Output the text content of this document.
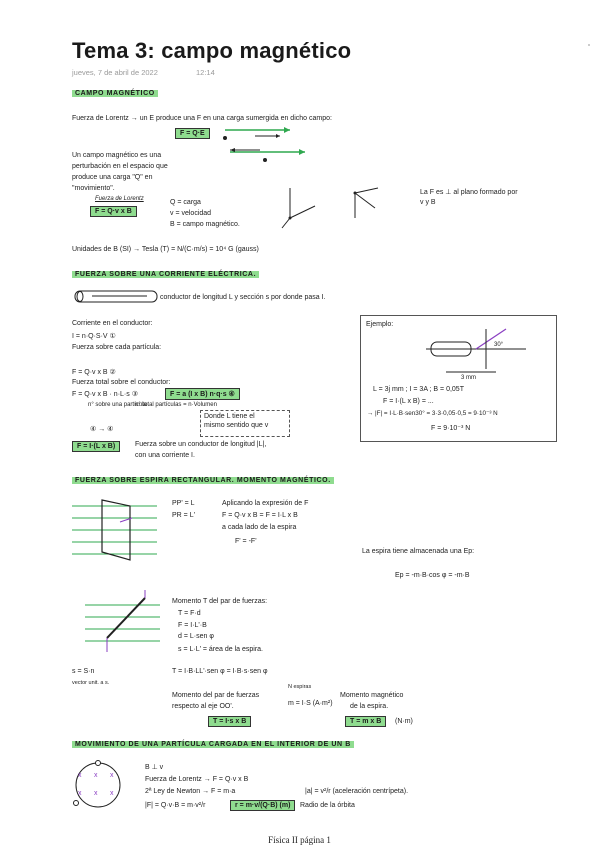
Tema 3: campo magnético
jueves, 7 de abril de 2022	12:14
CAMPO MAGNÉTICO
Fuerza de Lorentz → un E produce una F en una carga sumergida en dicho campo:
F = Q·E
Un campo magnético es una
perturbación en el espacio que
produce una carga "Q" en
"movimiento".
Fuerza de Lorentz
F = Q·v x B
Q = carga
v = velocidad
B = campo magnético.
La F es ⊥ al plano formado por
v y B
Unidades de B (SI) → Tesla (T) = N/(C·m/s) = 10⁴ G (gauss)
FUERZA SOBRE UNA CORRIENTE ELÉCTRICA.
conductor de longitud L y sección s por donde pasa I.
Corriente en el conductor:
I = n·Q·S·V ①
Fuerza sobre cada partícula:
F = Q·v x B ②
Fuerza total sobre el conductor:
F = Q·v x B · n·L·s ③	F = a (I x B) n·q·s ④
n° sobre una partícula
n° total partículas = n·Volumen
Donde L tiene el
mismo sentido que v
④ → ④
F = I·(L x B)	Fuerza sobre un conductor de longitud |L|,
con una corriente I.
Ejemplo:
30°
3 mm
L = 3j mm ; I = 3A ; B = 0,05T
F = I·(L x B) = ...
→ |F| = I·L·B·sen30° = 3·3·0,05·0,5 = 9·10⁻³ N
F = 9·10⁻³ N
FUERZA SOBRE ESPIRA RECTANGULAR. MOMENTO MAGNÉTICO.
PP' = L
PR = L'
Aplicando la expresión de F
F = Q·v x B = F = I·L x B
a cada lado de la espira
F' = -F'
La espira tiene almacenada una Ep:
Ep = -m·B·cos φ = -m·B
Momento T del par de fuerzas:
T = F·d
F = I·L'·B
d = L·sen φ
s = L·L' = área de la espira.
T = I·B·LL'·sen φ = I·B·s·sen φ
s = S·n
vector unit. a s.
Momento del par de fuerzas
respecto al eje OO'.
T = I·s x B
N espiras
m = I·S (A·m²)
Momento magnético
de la espira.
T = m x B	(N·m)
MOVIMIENTO DE UNA PARTÍCULA CARGADA EN EL INTERIOR DE UN B
x x x
x x x
B ⊥ v
Fuerza de Lorentz → F = Q·v x B
2ª Ley de Newton → F = m·a	|a| = v²/r (aceleración centrípeta).
|F| = Q·v·B = m·v²/r	r = m·v/(Q·B) (m)	Radio de la órbita
Física II página 1
